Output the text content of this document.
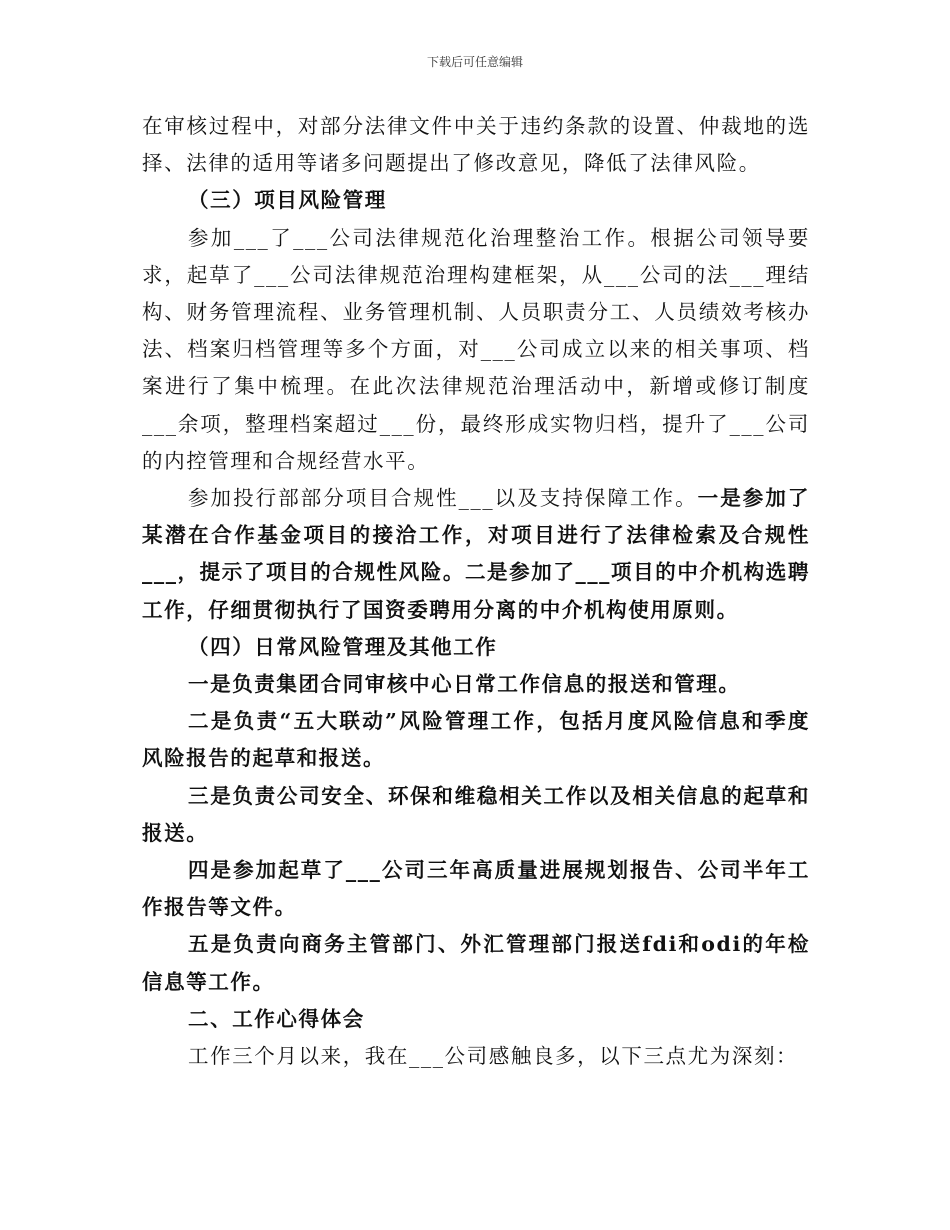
下载后可任意编辑

在审核过程中，对部分法律文件中关于违约条款的设置、仲裁地的选择、法律的适用等诸多问题提出了修改意见，降低了法律风险。

（三）项目风险管理

参加___了___公司法律规范化治理整治工作。根据公司领导要求，起草了___公司法律规范治理构建框架，从___公司的法___理结构、财务管理流程、业务管理机制、人员职责分工、人员绩效考核办法、档案归档管理等多个方面，对___公司成立以来的相关事项、档案进行了集中梳理。在此次法律规范治理活动中，新增或修订制度___余项，整理档案超过___份，最终形成实物归档，提升了___公司的内控管理和合规经营水平。

参加投行部部分项目合规性___以及支持保障工作。一是参加了某潜在合作基金项目的接洽工作，对项目进行了法律检索及合规性___，提示了项目的合规性风险。二是参加了___项目的中介机构选聘工作，仔细贯彻执行了国资委聘用分离的中介机构使用原则。

（四）日常风险管理及其他工作

一是负责集团合同审核中心日常工作信息的报送和管理。

二是负责“五大联动”风险管理工作，包括月度风险信息和季度风险报告的起草和报送。

三是负责公司安全、环保和维稳相关工作以及相关信息的起草和报送。

四是参加起草了___公司三年高质量进展规划报告、公司半年工作报告等文件。

五是负责向商务主管部门、外汇管理部门报送fdi和odi的年检信息等工作。

二、工作心得体会

工作三个月以来，我在___公司感触良多，以下三点尤为深刻：
